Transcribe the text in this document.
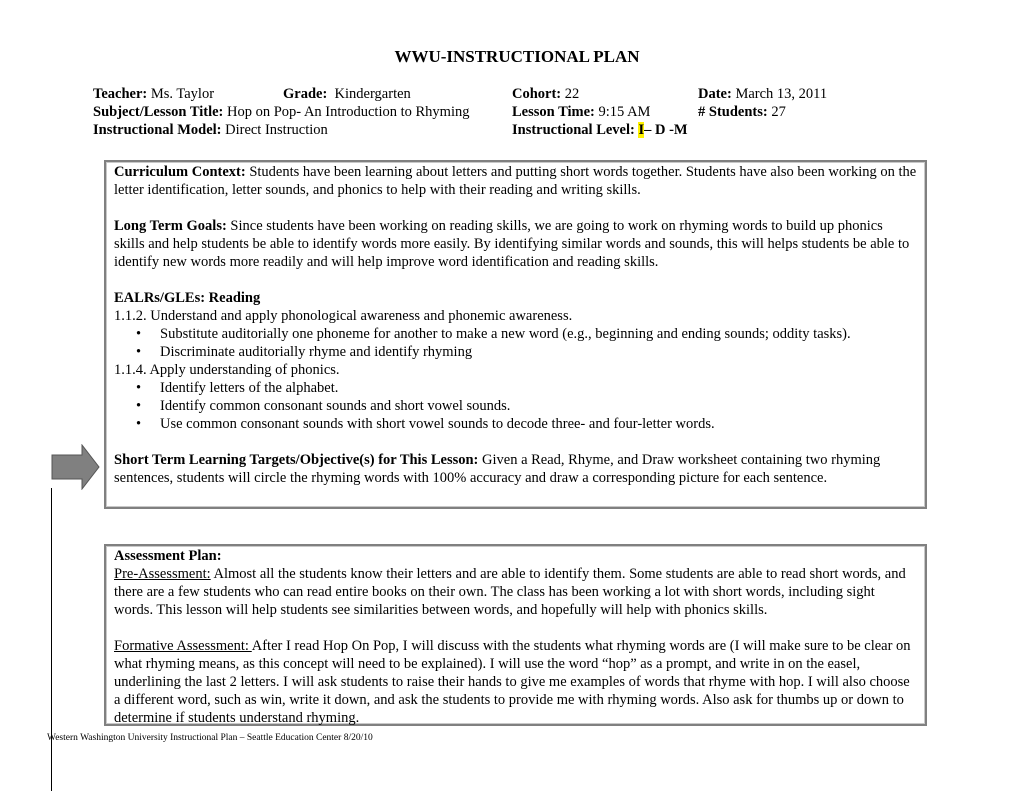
WWU-INSTRUCTIONAL PLAN
Teacher: Ms. Taylor	Grade: Kindergarten	Cohort: 22	Date: March 13, 2011
Subject/Lesson Title: Hop on Pop- An Introduction to Rhyming	Lesson Time: 9:15 AM	# Students: 27
Instructional Model: Direct Instruction	Instructional Level: I– D -M

Curriculum Context: Students have been learning about letters and putting short words together. Students have also been working on the letter identification, letter sounds, and phonics to help with their reading and writing skills.

Long Term Goals: Since students have been working on reading skills, we are going to work on rhyming words to build up phonics skills and help students be able to identify words more easily. By identifying similar words and sounds, this will helps students be able to identify new words more readily and will help improve word identification and reading skills.

EALRs/GLEs: Reading

1.1.2. Understand and apply phonological awareness and phonemic awareness.

• Substitute auditorially one phoneme for another to make a new word (e.g., beginning and ending sounds; oddity tasks).
• Discriminate auditorially rhyme and identify rhyming

1.1.4. Apply understanding of phonics.

• Identify letters of the alphabet.
• Identify common consonant sounds and short vowel sounds.
• Use common consonant sounds with short vowel sounds to decode three- and four-letter words.

Short Term Learning Targets/Objective(s) for This Lesson: Given a Read, Rhyme, and Draw worksheet containing two rhyming sentences, students will circle the rhyming words with 100% accuracy and draw a corresponding picture for each sentence.

Assessment Plan:

Pre-Assessment: Almost all the students know their letters and are able to identify them. Some students are able to read short words, and there are a few students who can read entire books on their own. The class has been working a lot with short words, including sight words. This lesson will help students see similarities between words, and hopefully will help with phonics skills.

Formative Assessment: After I read Hop On Pop, I will discuss with the students what rhyming words are (I will make sure to be clear on what rhyming means, as this concept will need to be explained). I will use the word “hop” as a prompt, and write in on the easel, underlining the last 2 letters. I will ask students to raise their hands to give me examples of words that rhyme with hop. I will also choose a different word, such as win, write it down, and ask the students to provide me with rhyming words. Also ask for thumbs up or down to determine if students understand rhyming.

Western Washington University Instructional Plan – Seattle Education Center 8/20/10
